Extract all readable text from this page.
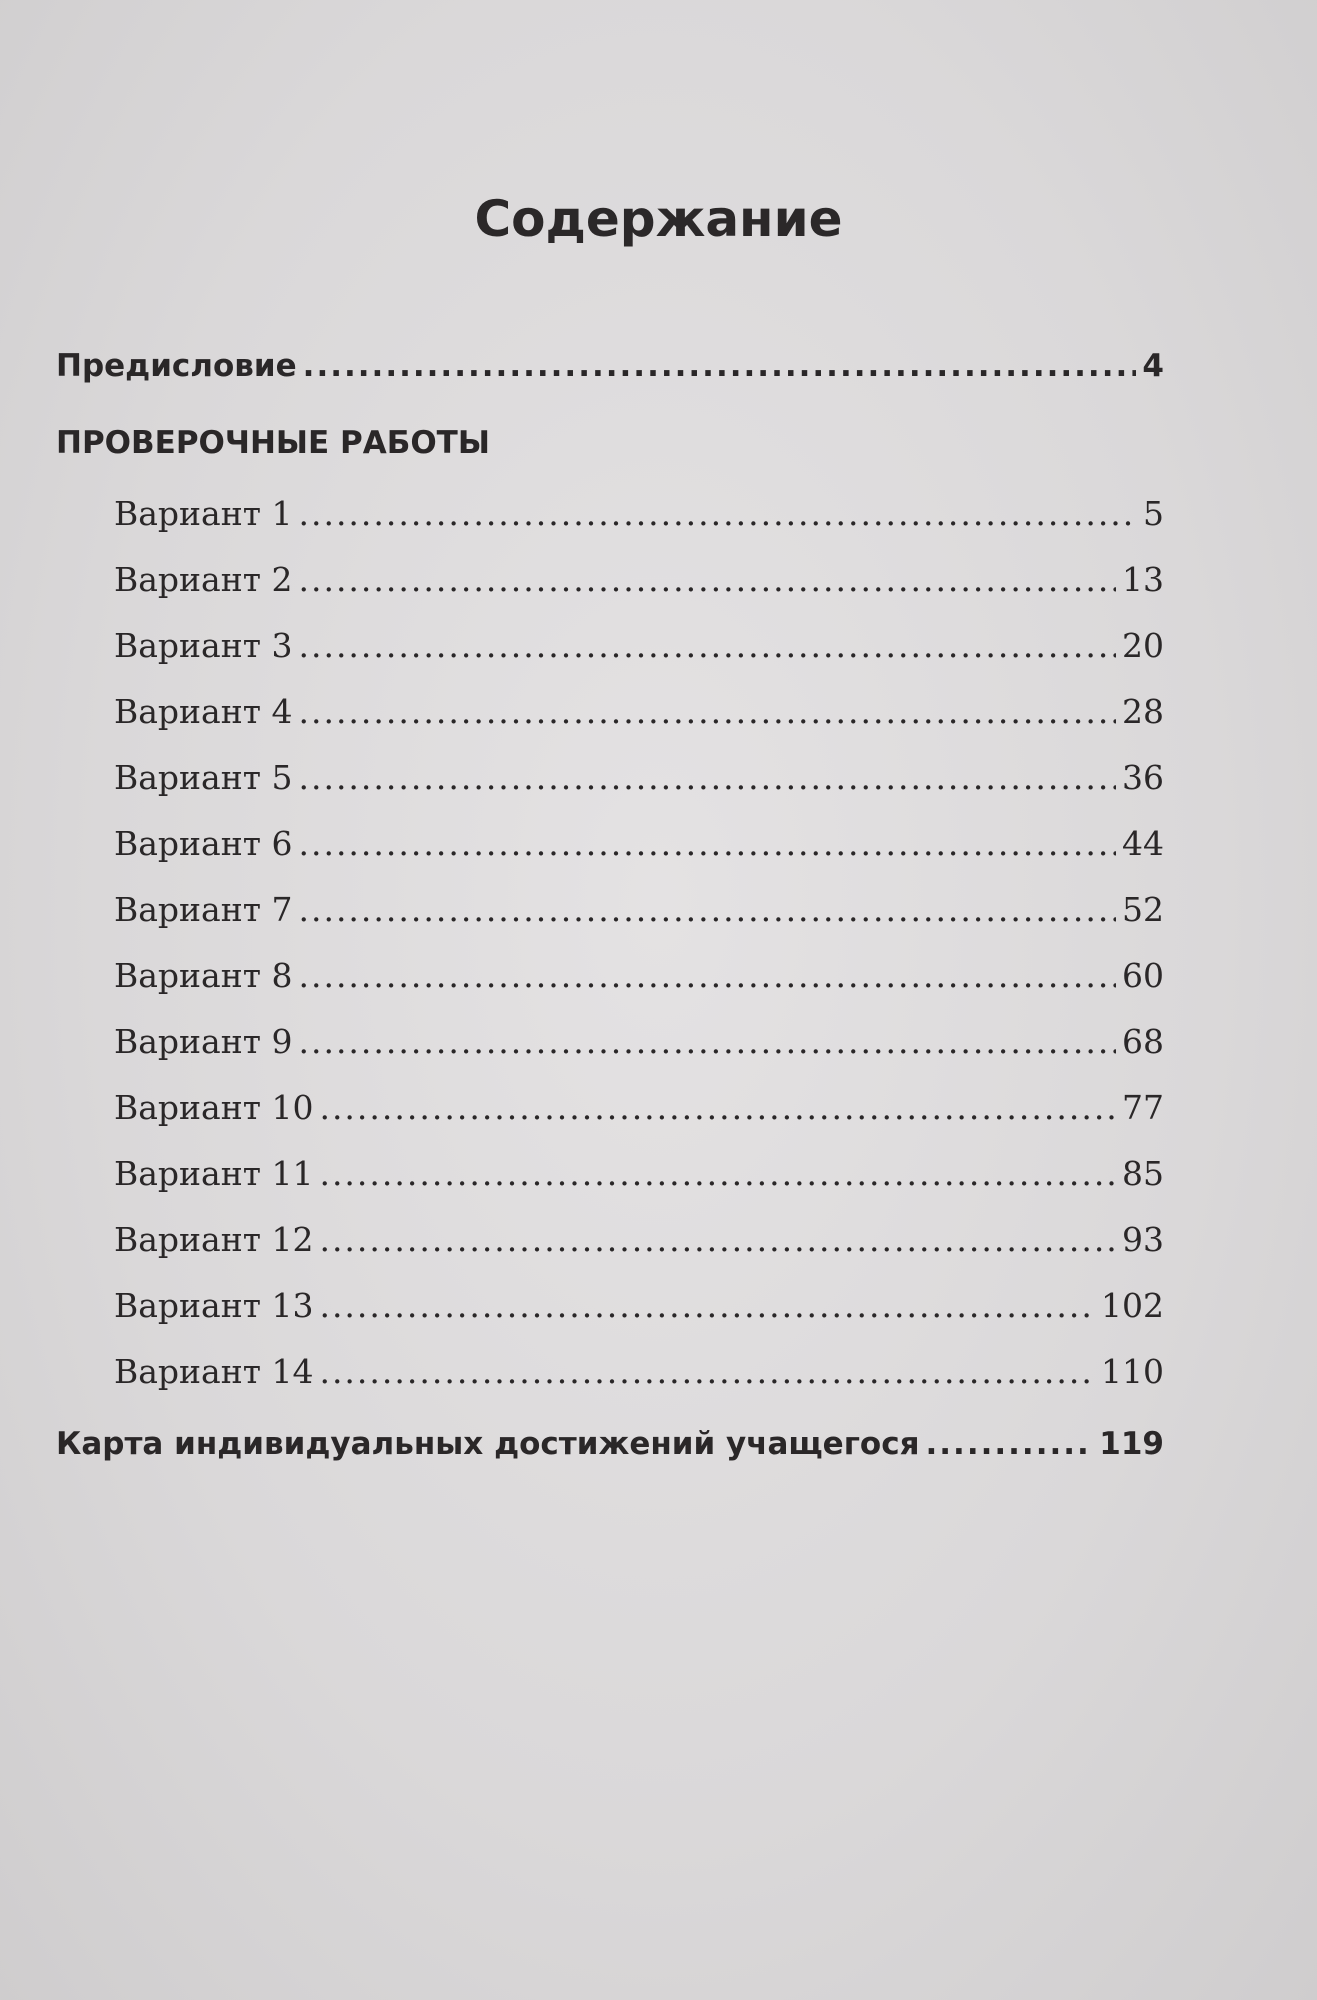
Содержание
Предисловие .....	4
ПРОВЕРОЧНЫЕ РАБОТЫ
Вариант 1 .....	5
Вариант 2 .....	13
Вариант 3 .....	20
Вариант 4 .....	28
Вариант 5 .....	36
Вариант 6 .....	44
Вариант 7 .....	52
Вариант 8 .....	60
Вариант 9 .....	68
Вариант 10 .....	77
Вариант 11 .....	85
Вариант 12 .....	93
Вариант 13 .....	102
Вариант 14 .....	110
Карта индивидуальных достижений учащегося .....	119
